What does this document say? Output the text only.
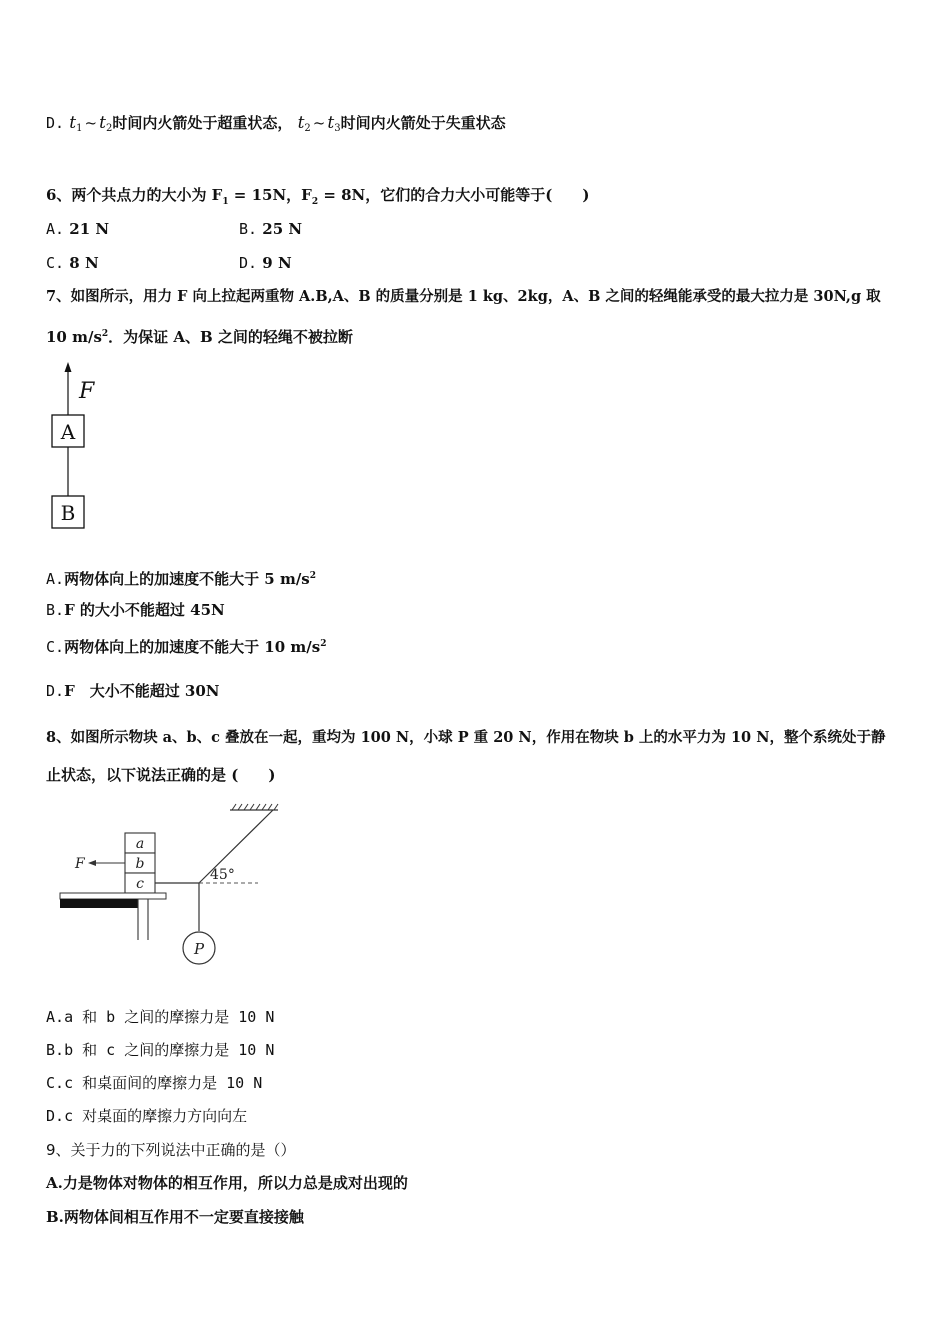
D. $t_1$ ~ $t_2$时间内火箭处于超重状态， $t_2$ ~ $t_3$时间内火箭处于失重状态
6、两个共点力的大小为 $F_1 = 15N$，$F_2 = 8N$，它们的合力大小可能等于(　　)
A. 21 N	B. 25 N
C. 8 N	D. 9 N
7、如图所示，用力 F 向上拉起两重物 A.B,A、B 的质量分别是 1 kg、2kg，A、B 之间的轻绳能承受的最大拉力是 30N,g 取
10 $m/s^2$．为保证 A、B 之间的轻绳不被拉断
F
A
B
A.两物体向上的加速度不能大于 5 $m/s^2$
B.F 的大小不能超过 45N
C.两物体向上的加速度不能大于 10 $m/s^2$
D.F　大小不能超过 30N
8、如图所示物块 a、b、c 叠放在一起，重均为 100 N，小球 P 重 20 N，作用在物块 b 上的水平力为 10 N，整个系统处于静
止状态，以下说法正确的是 (　　)
45°
P
a
b
c
F
A.a 和 b 之间的摩擦力是 10 N
B.b 和 c 之间的摩擦力是 10 N
C.c 和桌面间的摩擦力是 10 N
D.c 对桌面的摩擦力方向向左
9、关于力的下列说法中正确的是（）
A.力是物体对物体的相互作用，所以力总是成对出现的
B.两物体间相互作用不一定要直接接触
